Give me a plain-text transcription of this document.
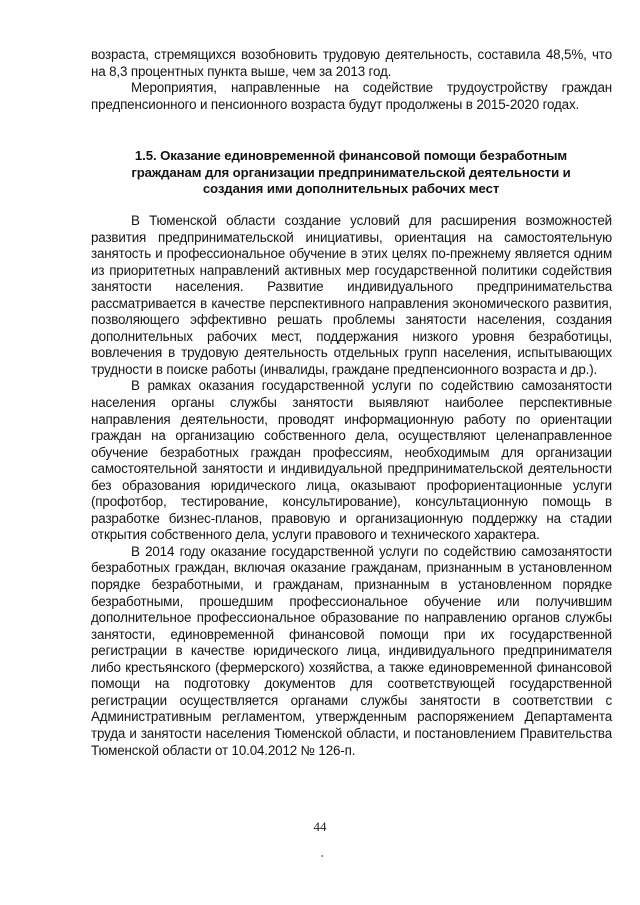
возраста, стремящихся возобновить трудовую деятельность, составила 48,5%, что на 8,3 процентных пункта выше, чем за 2013 год.

Мероприятия, направленные на содействие трудоустройству граждан предпенсионного и пенсионного возраста будут продолжены в 2015-2020 годах.

1.5. Оказание единовременной финансовой помощи безработным гражданам для организации предпринимательской деятельности и создания ими дополнительных рабочих мест

В Тюменской области создание условий для расширения возможностей развития предпринимательской инициативы, ориентация на самостоятельную занятость и профессиональное обучение в этих целях по-прежнему является одним из приоритетных направлений активных мер государственной политики содействия занятости населения. Развитие индивидуального предпринимательства рассматривается в качестве перспективного направления экономического развития, позволяющего эффективно решать проблемы занятости населения, создания дополнительных рабочих мест, поддержания низкого уровня безработицы, вовлечения в трудовую деятельность отдельных групп населения, испытывающих трудности в поиске работы (инвалиды, граждане предпенсионного возраста и др.).

В рамках оказания государственной услуги по содействию самозанятости населения органы службы занятости выявляют наиболее перспективные направления деятельности, проводят информационную работу по ориентации граждан на организацию собственного дела, осуществляют целенаправленное обучение безработных граждан профессиям, необходимым для организации самостоятельной занятости и индивидуальной предпринимательской деятельности без образования юридического лица, оказывают профориентационные услуги (профотбор, тестирование, консультирование), консультационную помощь в разработке бизнес-планов, правовую и организационную поддержку на стадии открытия собственного дела, услуги правового и технического характера.

В 2014 году оказание государственной услуги по содействию самозанятости безработных граждан, включая оказание гражданам, признанным в установленном порядке безработными, и гражданам, признанным в установленном порядке безработными, прошедшим профессиональное обучение или получившим дополнительное профессиональное образование по направлению органов службы занятости, единовременной финансовой помощи при их государственной регистрации в качестве юридического лица, индивидуального предпринимателя либо крестьянского (фермерского) хозяйства, а также единовременной финансовой помощи на подготовку документов для соответствующей государственной регистрации осуществляется органами службы занятости в соответствии с Административным регламентом, утвержденным распоряжением Департамента труда и занятости населения Тюменской области, и постановлением Правительства Тюменской области от 10.04.2012 № 126-п.

44
